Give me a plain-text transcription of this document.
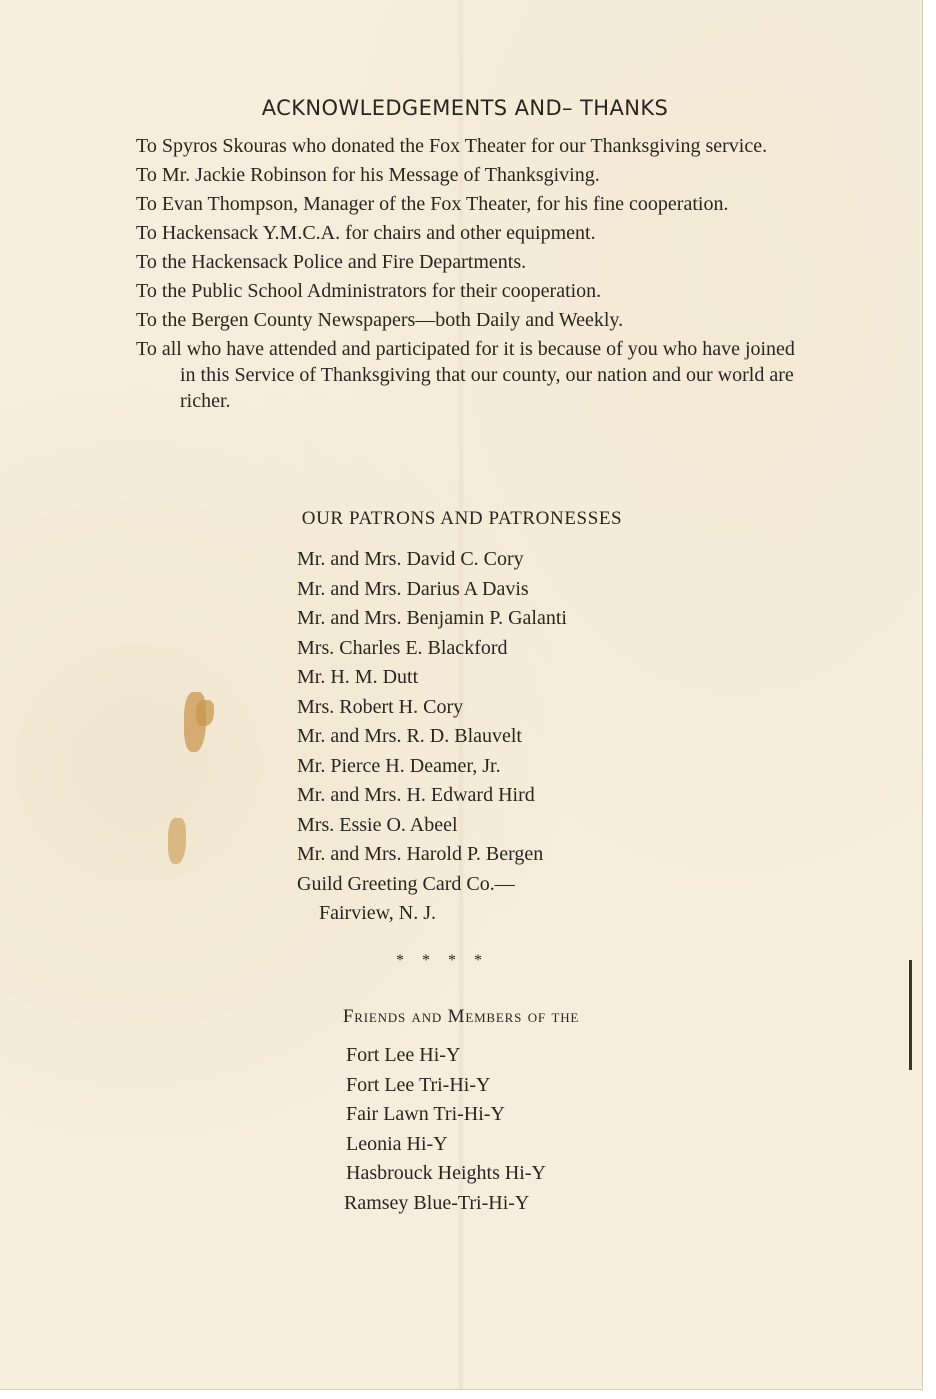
ACKNOWLEDGEMENTS AND– THANKS
To Spyros Skouras who donated the Fox Theater for our Thanksgiving service.
To Mr. Jackie Robinson for his Message of Thanksgiving.
To Evan Thompson, Manager of the Fox Theater, for his fine cooperation.
To Hackensack Y.M.C.A. for chairs and other equipment.
To the Hackensack Police and Fire Departments.
To the Public School Administrators for their cooperation.
To the Bergen County Newspapers—both Daily and Weekly.
To all who have attended and participated for it is because of you who have joined in this Service of Thanksgiving that our county, our nation and our world are richer.
OUR PATRONS AND PATRONESSES
Mr. and Mrs. David C. Cory
Mr. and Mrs. Darius A Davis
Mr. and Mrs. Benjamin P. Galanti
Mrs. Charles E. Blackford
Mr. H. M. Dutt
Mrs. Robert H. Cory
Mr. and Mrs. R. D. Blauvelt
Mr. Pierce H. Deamer, Jr.
Mr. and Mrs. H. Edward Hird
Mrs. Essie O. Abeel
Mr. and Mrs. Harold P. Bergen
Guild Greeting Card Co.—
Fairview, N. J.
* * * *
Friends and Members of the
Fort Lee Hi-Y
Fort Lee Tri-Hi-Y
Fair Lawn Tri-Hi-Y
Leonia Hi-Y
Hasbrouck Heights Hi-Y
Ramsey Blue-Tri-Hi-Y
